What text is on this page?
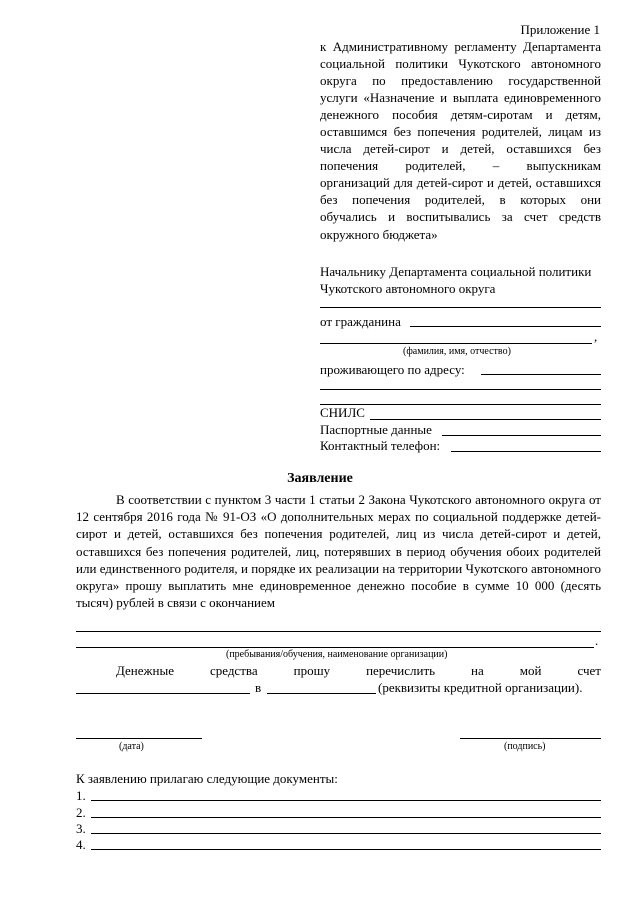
Приложение 1
к Административному регламенту Департамента социальной политики Чукотского автономного округа по предоставлению государственной услуги «Назначение и выплата единовременного денежного пособия детям-сиротам и детям, оставшимся без попечения родителей, лицам из числа детей-сирот и детей, оставшихся без попечения родителей, – выпускникам организаций для детей-сирот и детей, оставшихся без попечения родителей, в которых они обучались и воспитывались за счет средств окружного бюджета»
Начальнику Департамента социальной политики Чукотского автономного округа
от гражданина
,
(фамилия, имя, отчество)
проживающего по адресу:
СНИЛС
Паспортные данные
Контактный телефон:
Заявление
В соответствии с пунктом 3 части 1 статьи 2 Закона Чукотского автономного округа от 12 сентября 2016 года № 91-ОЗ «О дополнительных мерах по социальной поддержке детей-сирот и детей, оставшихся без попечения родителей, лиц из числа детей-сирот и детей, оставшихся без попечения родителей, лиц, потерявших в период обучения обоих родителей или единственного родителя, и порядке их реализации на территории Чукотского автономного округа» прошу выплатить мне единовременное денежно пособие в сумме 10 000 (десять тысяч) рублей в связи с окончанием
.
(пребывания/обучения, наименование организации)
Денежные	средства	прошу	перечислить	на	мой	счет
в	(реквизиты кредитной организации).
(дата)	(подпись)
К заявлению прилагаю следующие документы:
1.
2.
3.
4.
